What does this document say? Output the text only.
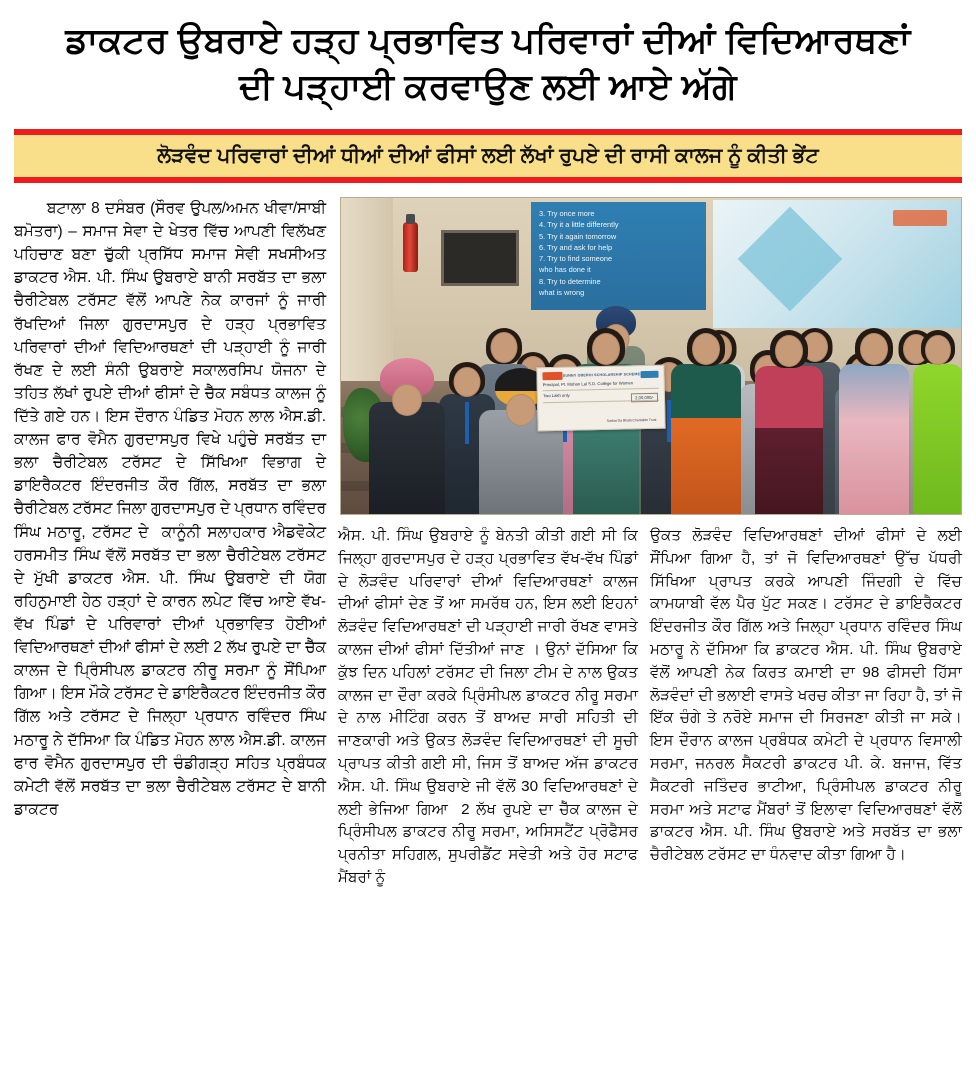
ਡਾਕਟਰ ਉਬਰਾਏ ਹੜ੍ਹ ਪ੍ਰਭਾਵਿਤ ਪਰਿਵਾਰਾਂ ਦੀਆਂ ਵਿਦਿਆਰਥਣਾਂ
ਦੀ ਪੜ੍ਹਾਈ ਕਰਵਾਉਣ ਲਈ ਆਏ ਅੱਗੇ
ਲੋੜਵੰਦ ਪਰਿਵਾਰਾਂ ਦੀਆਂ ਧੀਆਂ ਦੀਆਂ ਫੀਸਾਂ ਲਈ ਲੱਖਾਂ ਰੁਪਏ ਦੀ ਰਾਸੀ ਕਾਲਜ ਨੂੰ ਕੀਤੀ ਭੇਂਟ
ਬਟਾਲਾ 8 ਦਸੰਬਰ (ਸੌਰਵ ਉਪਲ/ਅਮਨ ਖੀਵਾ/ਸਾਬੀ ਬਮੋਤਰਾ) – ਸਮਾਜ ਸੇਵਾ ਦੇ ਖੇਤਰ ਵਿੱਚ ਆਪਣੀ ਵਿਲੱਖਣ ਪਹਿਚਾਣ ਬਣਾ ਚੁੱਕੀ ਪ੍ਰਸਿੱਧ ਸਮਾਜ ਸੇਵੀ ਸਖਸੀਅਤ ਡਾਕਟਰ ਐਸ. ਪੀ. ਸਿੰਘ ਉਬਰਾਏ ਬਾਨੀ ਸਰਬੱਤ ਦਾ ਭਲਾ ਚੈਰੀਟੇਬਲ ਟਰੱਸਟ ਵੱਲੋਂ ਆਪਣੇ ਨੇਕ ਕਾਰਜਾਂ ਨੂੰ ਜਾਰੀ ਰੱਖਦਿਆਂ ਜਿਲਾ ਗੁਰਦਾਸਪੁਰ ਦੇ ਹੜ੍ਹ ਪ੍ਰਭਾਵਿਤ ਪਰਿਵਾਰਾਂ ਦੀਆਂ ਵਿਦਿਆਰਥਣਾਂ ਦੀ ਪੜ੍ਹਾਈ ਨੂੰ ਜਾਰੀ ਰੱਖਣ ਦੇ ਲਈ ਸੰਨੀ ਉਬਰਾਏ ਸਕਾਲਰਸਿਪ ਯੋਜਨਾ ਦੇ ਤਹਿਤ ਲੱਖਾਂ ਰੁਪਏ ਦੀਆਂ ਫੀਸਾਂ ਦੇ ਚੈੱਕ ਸਬੰਧਤ ਕਾਲਜ ਨੂੰ ਦਿੱਤੇ ਗਏ ਹਨ। ਇਸ ਦੌਰਾਨ ਪੰਡਿਤ ਮੋਹਨ ਲਾਲ ਐਸ.ਡੀ. ਕਾਲਜ ਫਾਰ ਵੋਮੈਨ ਗੁਰਦਾਸਪੁਰ ਵਿਖੇ ਪਹੁੰਚੇ ਸਰਬੱਤ ਦਾ ਭਲਾ ਚੈਰੀਟੇਬਲ ਟਰੱਸਟ ਦੇ ਸਿੱਖਿਆ ਵਿਭਾਗ ਦੇ ਡਾਇਰੈਕਟਰ ਇੰਦਰਜੀਤ ਕੌਰ ਗਿੱਲ, ਸਰਬੱਤ ਦਾ ਭਲਾ ਚੈਰੀਟੇਬਲ ਟਰੱਸਟ ਜਿਲਾ ਗੁਰਦਾਸਪੁਰ ਦੇ ਪ੍ਰਧਾਨ ਰਵਿੰਦਰ ਸਿੰਘ ਮਠਾਰੂ, ਟਰੱਸਟ ਦੇ  ਕਾਨੂੰਨੀ ਸਲਾਹਕਾਰ ਐਡਵੋਕੇਟ ਹਰਸਮੀਤ ਸਿੰਘ ਵੱਲੋਂ ਸਰਬੱਤ ਦਾ ਭਲਾ ਚੈਰੀਟੇਬਲ ਟਰੱਸਟ ਦੇ ਮੁੱਖੀ ਡਾਕਟਰ ਐਸ. ਪੀ. ਸਿੰਘ ਉਬਰਾਏ ਦੀ ਯੋਗ ਰਹਿਨੁਮਾਈ ਹੇਠ ਹੜ੍ਹਾਂ ਦੇ ਕਾਰਨ ਲਪੇਟ ਵਿੱਚ ਆਏ ਵੱਖ-ਵੱਖ ਪਿੰਡਾਂ ਦੇ ਪਰਿਵਾਰਾਂ ਦੀਆਂ ਪ੍ਰਭਾਵਿਤ ਹੋਈਆਂ ਵਿਦਿਆਰਥਣਾਂ ਦੀਆਂ ਫੀਸਾਂ ਦੇ ਲਈ 2 ਲੱਖ ਰੁਪਏ ਦਾ ਚੈੱਕ ਕਾਲਜ ਦੇ ਪ੍ਰਿੰਸੀਪਲ ਡਾਕਟਰ ਨੀਰੂ ਸਰਮਾ ਨੂੰ ਸੌਂਪਿਆ ਗਿਆ। ਇਸ ਮੌਕੇ ਟਰੱਸਟ ਦੇ ਡਾਇਰੈਕਟਰ ਇੰਦਰਜੀਤ ਕੌਰ ਗਿੱਲ ਅਤੇ ਟਰੱਸਟ ਦੇ ਜਿਲ੍ਹਾ ਪ੍ਰਧਾਨ ਰਵਿੰਦਰ ਸਿੰਘ ਮਠਾਰੂ ਨੇ ਦੱਸਿਆ ਕਿ ਪੰਡਿਤ ਮੋਹਨ ਲਾਲ ਐਸ.ਡੀ. ਕਾਲਜ ਫਾਰ ਵੋਮੈਨ ਗੁਰਦਾਸਪੁਰ ਦੀ ਚੰਡੀਗੜ੍ਹ ਸਹਿਤ ਪ੍ਰਬੰਧਕ ਕਮੇਟੀ ਵੱਲੋਂ ਸਰਬੱਤ ਦਾ ਭਲਾ ਚੈਰੀਟੇਬਲ ਟਰੱਸਟ ਦੇ ਬਾਨੀ ਡਾਕਟਰ
3. Try once more
4. Try it a little differently
5. Try it again tomorrow
6. Try and ask for help
7. Try to find someone
who has done it
8. Try to determine
what is wrong
SUNNY OBEROI SCHOLARSHIP SCHEME
Principal, Pt. Mohan Lal S.D. College for Women
Two Lakh only	2,00,000/-
Sarbat Da Bhala Charitable Trust
ਐਸ. ਪੀ. ਸਿੰਘ ਉਬਰਾਏ ਨੂੰ ਬੇਨਤੀ ਕੀਤੀ ਗਈ ਸੀ ਕਿ ਜਿਲ੍ਹਾ ਗੁਰਦਾਸਪੁਰ ਦੇ ਹੜ੍ਹ ਪ੍ਰਭਾਵਿਤ ਵੱਖ-ਵੱਖ ਪਿੰਡਾਂ ਦੇ ਲੋੜਵੰਦ ਪਰਿਵਾਰਾਂ ਦੀਆਂ ਵਿਦਿਆਰਥਣਾਂ ਕਾਲਜ ਦੀਆਂ ਫੀਸਾਂ ਦੇਣ ਤੋਂ ਆ ਸਮਰੱਥ ਹਨ, ਇਸ ਲਈ ਇਹਨਾਂ ਲੋੜਵੰਦ ਵਿਦਿਆਰਥਣਾਂ ਦੀ ਪੜ੍ਹਾਈ ਜਾਰੀ ਰੱਖਣ ਵਾਸਤੇ ਕਾਲਜ ਦੀਆਂ ਫੀਸਾਂ ਦਿੱਤੀਆਂ ਜਾਣ । ਉਨਾਂ ਦੱਸਿਆ ਕਿ ਕੁੱਝ ਦਿਨ ਪਹਿਲਾਂ ਟਰੱਸਟ ਦੀ ਜਿਲਾ ਟੀਮ ਦੇ ਨਾਲ ਉਕਤ ਕਾਲਜ ਦਾ ਦੌਰਾ ਕਰਕੇ ਪ੍ਰਿੰਸੀਪਲ ਡਾਕਟਰ ਨੀਰੂ ਸਰਮਾ ਦੇ ਨਾਲ ਮੀਟਿੰਗ ਕਰਨ ਤੋਂ ਬਾਅਦ ਸਾਰੀ ਸਹਿਤੀ ਦੀ ਜਾਣਕਾਰੀ ਅਤੇ ਉਕਤ ਲੋੜਵੰਦ ਵਿਦਿਆਰਥਣਾਂ ਦੀ ਸੂਚੀ ਪ੍ਰਾਪਤ ਕੀਤੀ ਗਈ ਸੀ, ਜਿਸ ਤੋਂ ਬਾਅਦ ਅੱਜ ਡਾਕਟਰ ਐਸ. ਪੀ. ਸਿੰਘ ਉਬਰਾਏ ਜੀ ਵੱਲੋਂ 30 ਵਿਦਿਆਰਥਣਾਂ ਦੇ ਲਈ ਭੇਜਿਆ ਗਿਆ  2 ਲੱਖ ਰੁਪਏ ਦਾ ਚੈੱਕ ਕਾਲਜ ਦੇ ਪ੍ਰਿੰਸੀਪਲ ਡਾਕਟਰ ਨੀਰੂ ਸਰਮਾ, ਅਸਿਸਟੈਂਟ ਪ੍ਰੋਫੈਸਰ ਪ੍ਰਨੀਤਾ ਸਹਿਗਲ, ਸੁਪਰੀਡੈਂਟ ਸਵੇਤੀ ਅਤੇ ਹੋਰ ਸਟਾਫ ਮੈਂਬਰਾਂ ਨੂੰ
ਉਕਤ ਲੋੜਵੰਦ ਵਿਦਿਆਰਥਣਾਂ ਦੀਆਂ ਫੀਸਾਂ ਦੇ ਲਈ ਸੌਂਪਿਆ ਗਿਆ ਹੈ, ਤਾਂ ਜੋ ਵਿਦਿਆਰਥਣਾਂ ਉੱਚ ਪੱਧਰੀ ਸਿੱਖਿਆ ਪ੍ਰਾਪਤ ਕਰਕੇ ਆਪਣੀ ਜਿੰਦਗੀ ਦੇ ਵਿੱਚ ਕਾਮਯਾਬੀ ਵੱਲ ਪੈਰ ਪੁੱਟ ਸਕਣ। ਟਰੱਸਟ ਦੇ ਡਾਇਰੈਕਟਰ ਇੰਦਰਜੀਤ ਕੌਰ ਗਿੱਲ ਅਤੇ ਜਿਲ੍ਹਾ ਪ੍ਰਧਾਨ ਰਵਿੰਦਰ ਸਿੰਘ ਮਠਾਰੂ ਨੇ ਦੱਸਿਆ ਕਿ ਡਾਕਟਰ ਐਸ. ਪੀ. ਸਿੰਘ ਉਬਰਾਏ ਵੱਲੋਂ ਆਪਣੀ ਨੇਕ ਕਿਰਤ ਕਮਾਈ ਦਾ 98 ਫੀਸਦੀ ਹਿੱਸਾ ਲੋੜਵੰਦਾਂ ਦੀ ਭਲਾਈ ਵਾਸਤੇ ਖਰਚ ਕੀਤਾ ਜਾ ਰਿਹਾ ਹੈ, ਤਾਂ ਜੋ ਇੱਕ ਚੰਗੇ ਤੇ ਨਰੋਏ ਸਮਾਜ ਦੀ ਸਿਰਜਣਾ ਕੀਤੀ ਜਾ ਸਕੇ। ਇਸ ਦੌਰਾਨ ਕਾਲਜ ਪ੍ਰਬੰਧਕ ਕਮੇਟੀ ਦੇ ਪ੍ਰਧਾਨ ਵਿਸਾਲੀ ਸਰਮਾ, ਜਨਰਲ ਸੈਕਟਰੀ ਡਾਕਟਰ ਪੀ. ਕੇ. ਬਜਾਜ, ਵਿੱਤ ਸੈਕਟਰੀ ਜਤਿੰਦਰ ਭਾਟੀਆ, ਪ੍ਰਿੰਸੀਪਲ ਡਾਕਟਰ ਨੀਰੂ ਸਰਮਾ ਅਤੇ ਸਟਾਫ ਮੈਂਬਰਾਂ ਤੋਂ ਇਲਾਵਾ ਵਿਦਿਆਰਥਣਾਂ ਵੱਲੋਂ ਡਾਕਟਰ ਐਸ. ਪੀ. ਸਿੰਘ ਉਬਰਾਏ ਅਤੇ ਸਰਬੱਤ ਦਾ ਭਲਾ ਚੈਰੀਟੇਬਲ ਟਰੱਸਟ ਦਾ ਧੰਨਵਾਦ ਕੀਤਾ ਗਿਆ ਹੈ।
